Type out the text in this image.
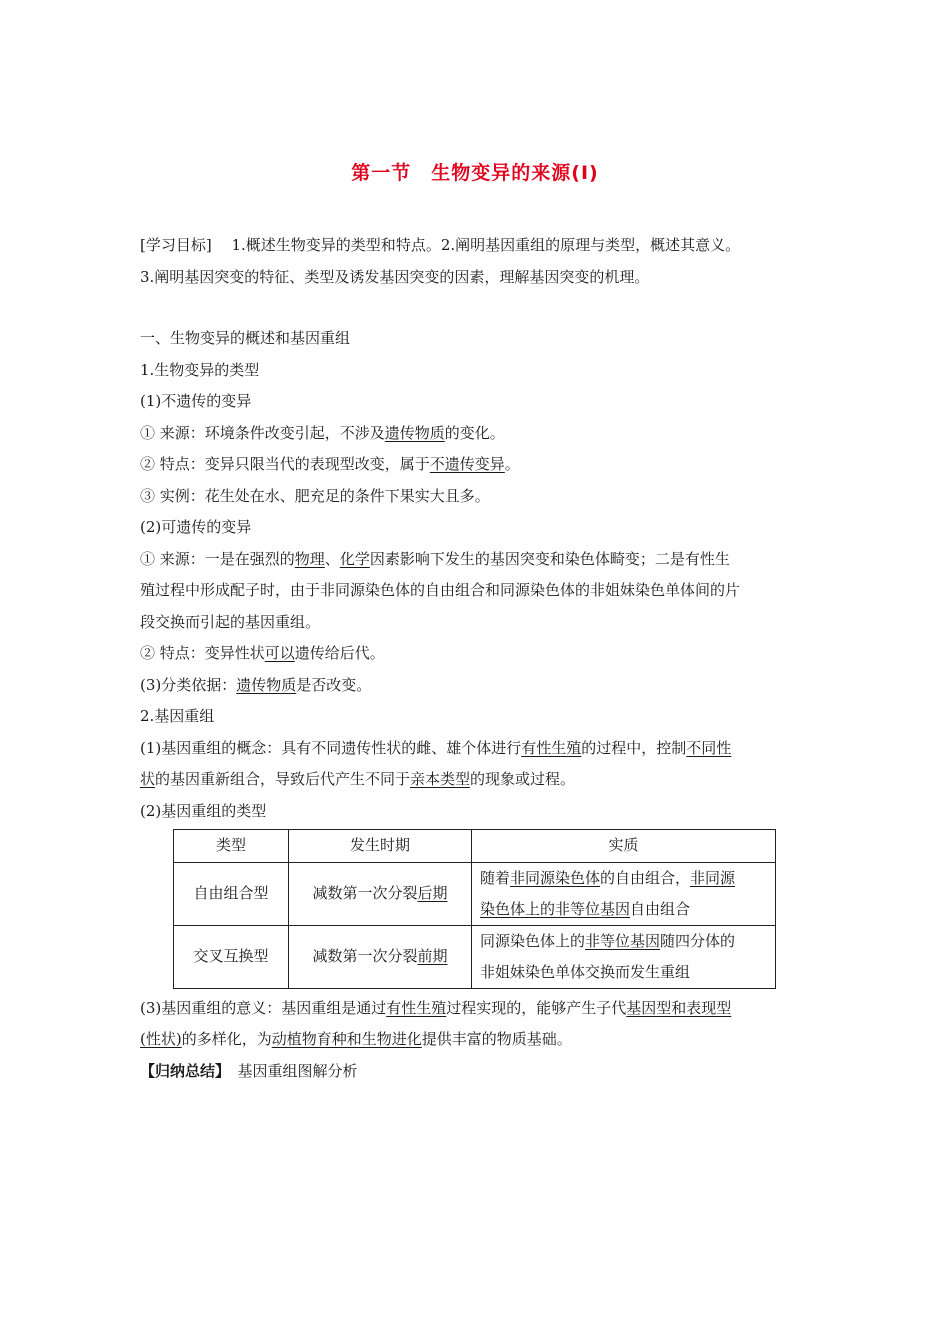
第一节　生物变异的来源(Ⅰ)

[学习目标]　 1.概述生物变异的类型和特点。2.阐明基因重组的原理与类型，概述其意义。

3.阐明基因突变的特征、类型及诱发基因突变的因素，理解基因突变的机理。

一、生物变异的概述和基因重组

1.生物变异的类型

(1)不遗传的变异

① 来源：环境条件改变引起，不涉及遗传物质的变化。

② 特点：变异只限当代的表现型改变，属于不遗传变异。

③ 实例：花生处在水、肥充足的条件下果实大且多。

(2)可遗传的变异

① 来源：一是在强烈的物理、化学因素影响下发生的基因突变和染色体畸变；二是有性生

殖过程中形成配子时，由于非同源染色体的自由组合和同源染色体的非姐妹染色单体间的片

段交换而引起的基因重组。

② 特点：变异性状可以遗传给后代。

(3)分类依据：遗传物质是否改变。

2.基因重组

(1)基因重组的概念：具有不同遗传性状的雌、雄个体进行有性生殖的过程中，控制不同性

状的基因重新组合，导致后代产生不同于亲本类型的现象或过程。

(2)基因重组的类型

类型	发生时期	实质
自由组合型	减数第一次分裂后期	随着非同源染色体的自由组合，非同源
染色体上的非等位基因自由组合
交叉互换型	减数第一次分裂前期	同源染色体上的非等位基因随四分体的
非姐妹染色单体交换而发生重组

(3)基因重组的意义：基因重组是通过有性生殖过程实现的，能够产生子代基因型和表现型

(性状)的多样化，为动植物育种和生物进化提供丰富的物质基础。

【归纳总结】　基因重组图解分析
